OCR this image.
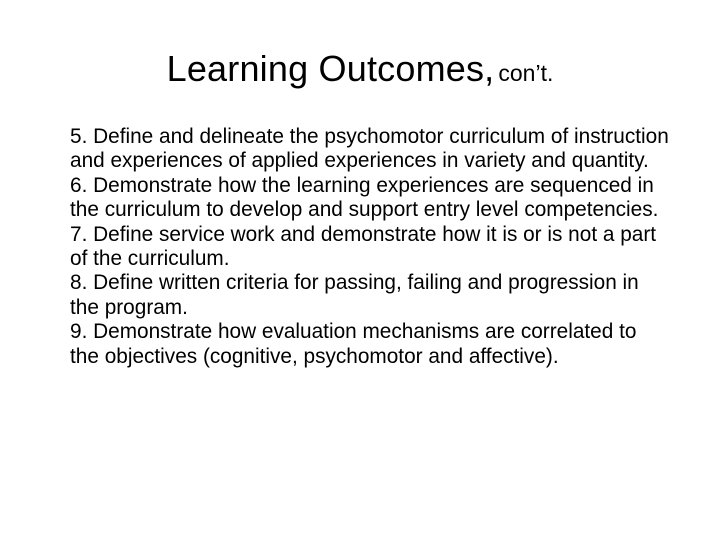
Learning Outcomes, con’t.

5. Define and delineate the psychomotor curriculum of instruction and experiences of applied experiences in variety and quantity.

6. Demonstrate how the learning experiences are sequenced in the curriculum to develop and support entry level competencies.

7. Define service work and demonstrate how it is or is not a part of the curriculum.

8. Define written criteria for passing, failing and progression in the program.

9. Demonstrate how evaluation mechanisms are correlated to the objectives (cognitive, psychomotor and affective).
